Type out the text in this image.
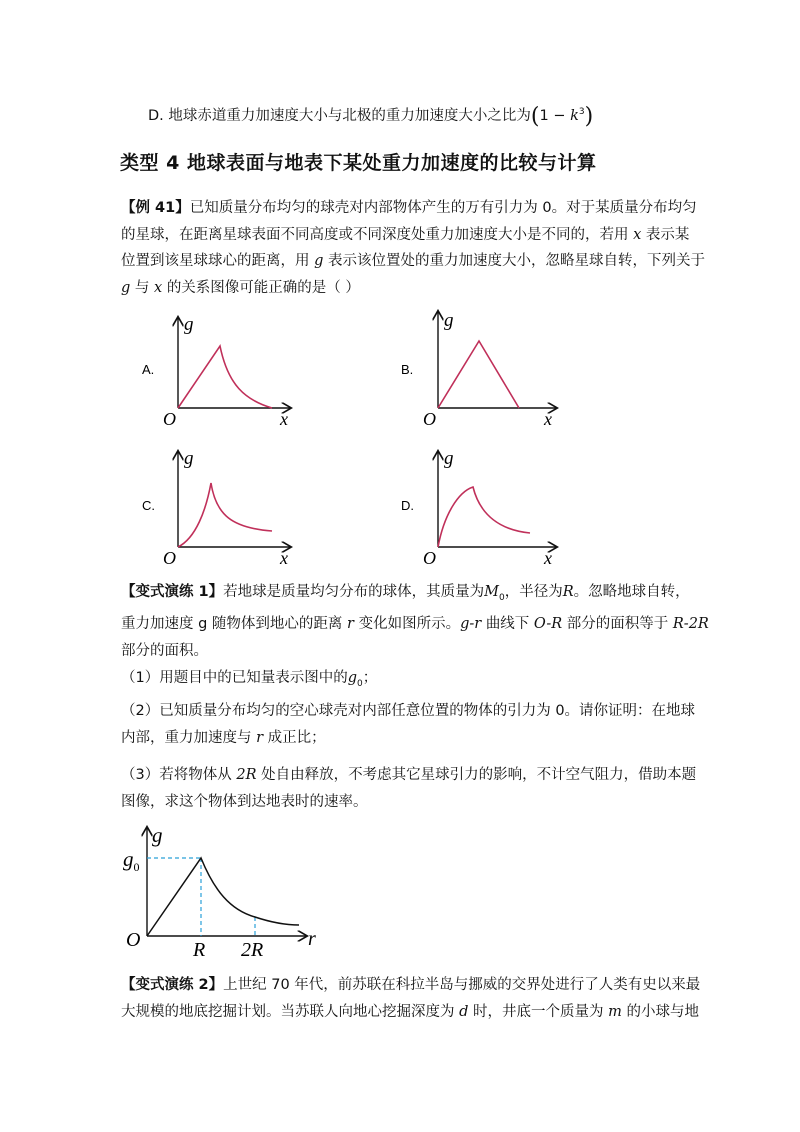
D. 地球赤道重力加速度大小与北极的重力加速度大小之比为$(1 - k^3)$
类型 4 地球表面与地表下某处重力加速度的比较与计算

【例 41】已知质量分布均匀的球壳对内部物体产生的万有引力为 0。对于某质量分布均匀

的星球，在距离星球表面不同高度或不同深度处重力加速度大小是不同的，若用 x 表示某

位置到该星球球心的距离，用 g 表示该位置处的重力加速度大小，忽略星球自转，下列关于

g 与 x 的关系图像可能正确的是（ ）

g
O	x
A.
g
O	x
B.
g
O	x
C.
g
O	x
D.
g
$g_0$
O	R 2R r

【变式演练 1】若地球是质量均匀分布的球体，其质量为$M_0$，半径为R。忽略地球自转，

重力加速度 g 随物体到地心的距离 r 变化如图所示。g-r 曲线下 O-R 部分的面积等于 R-2R

部分的面积。

（1）用题目中的已知量表示图中的$g_0$；

（2）已知质量分布均匀的空心球壳对内部任意位置的物体的引力为 0。请你证明：在地球

内部，重力加速度与 r 成正比；

（3）若将物体从 2R 处自由释放，不考虑其它星球引力的影响，不计空气阻力，借助本题

图像，求这个物体到达地表时的速率。

【变式演练 2】上世纪 70 年代，前苏联在科拉半岛与挪威的交界处进行了人类有史以来最

大规模的地底挖掘计划。当苏联人向地心挖掘深度为 d 时，井底一个质量为 m 的小球与地
